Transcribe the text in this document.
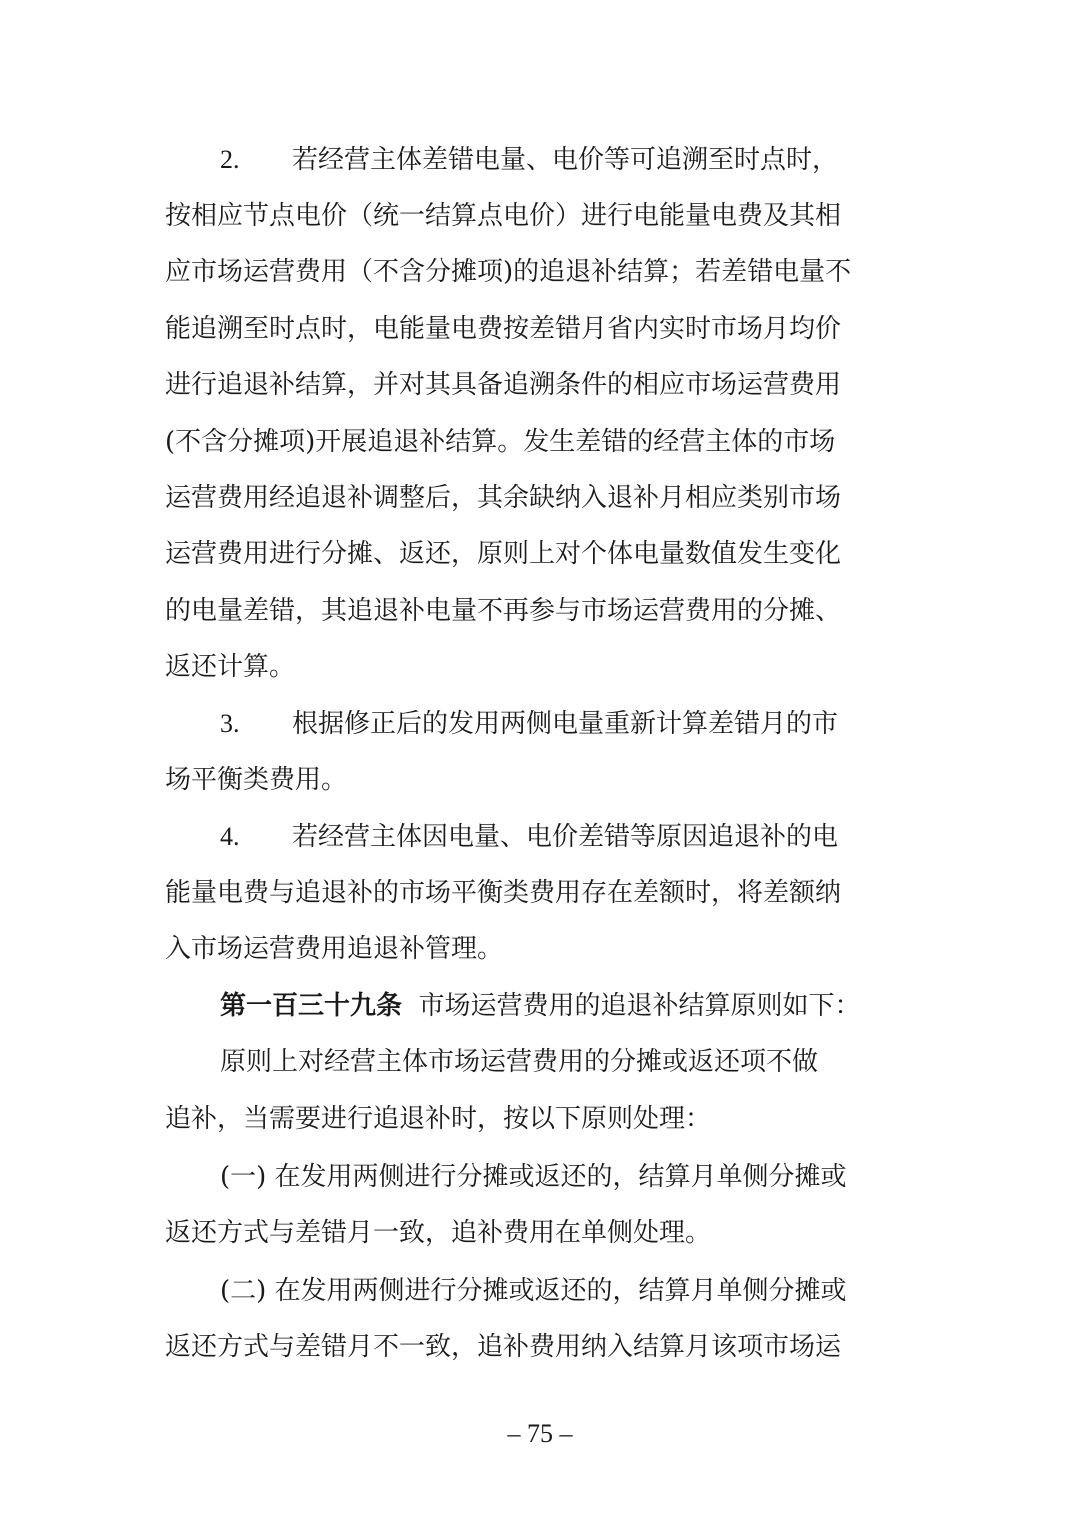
2. 若经营主体差错电量、电价等可追溯至时点时，
按相应节点电价（统一结算点电价）进行电能量电费及其相
应市场运营费用（不含分摊项)的追退补结算；若差错电量不
能追溯至时点时，电能量电费按差错月省内实时市场月均价
进行追退补结算，并对其具备追溯条件的相应市场运营费用
(不含分摊项)开展追退补结算。发生差错的经营主体的市场
运营费用经追退补调整后，其余缺纳入退补月相应类别市场
运营费用进行分摊、返还，原则上对个体电量数值发生变化
的电量差错，其追退补电量不再参与市场运营费用的分摊、
返还计算。
3. 根据修正后的发用两侧电量重新计算差错月的市
场平衡类费用。
4. 若经营主体因电量、电价差错等原因追退补的电
能量电费与追退补的市场平衡类费用存在差额时，将差额纳
入市场运营费用追退补管理。
第一百三十九条 市场运营费用的追退补结算原则如下：
原则上对经营主体市场运营费用的分摊或返还项不做
追补，当需要进行追退补时，按以下原则处理：
(一) 在发用两侧进行分摊或返还的，结算月单侧分摊或
返还方式与差错月一致，追补费用在单侧处理。
(二) 在发用两侧进行分摊或返还的，结算月单侧分摊或
返还方式与差错月不一致，追补费用纳入结算月该项市场运
– 75 –
